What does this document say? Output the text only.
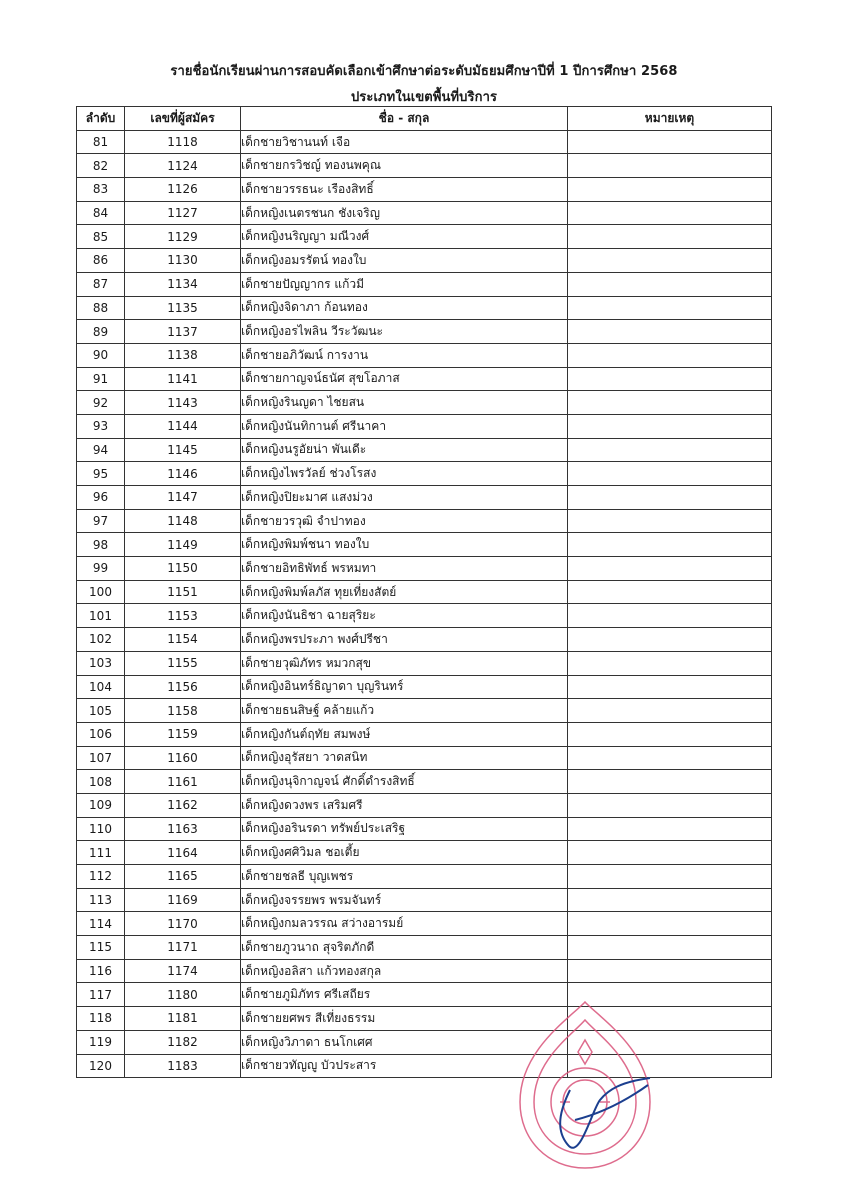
รายชื่อนักเรียนผ่านการสอบคัดเลือกเข้าศึกษาต่อระดับมัธยมศึกษาปีที่ 1 ปีการศึกษา 2568
ประเภทในเขตพื้นที่บริการ
ลำดับ	เลขที่ผู้สมัคร	ชื่อ - สกุล	หมายเหตุ
81	1118	เด็กชายวิชานนท์ เจือ	
82	1124	เด็กชายกรวิชญ์ ทองนพคุณ	
83	1126	เด็กชายวรรธนะ เรืองสิทธิ์	
84	1127	เด็กหญิงเนตรชนก ชังเจริญ	
85	1129	เด็กหญิงนริญญา มณีวงศ์	
86	1130	เด็กหญิงอมรรัตน์ ทองใบ	
87	1134	เด็กชายปัญญากร แก้วมี	
88	1135	เด็กหญิงจิดาภา ก้อนทอง	
89	1137	เด็กหญิงอรไพลิน วีระวัฒนะ	
90	1138	เด็กชายอภิวัฒน์ การงาน	
91	1141	เด็กชายกาญจน์ธนัศ สุขโอภาส	
92	1143	เด็กหญิงรินญดา ไชยสน	
93	1144	เด็กหญิงนันทิกานต์ ศรีนาคา	
94	1145	เด็กหญิงนรูอัยน่า พันเดีะ	
95	1146	เด็กหญิงไพรวัลย์ ช่วงโรสง	
96	1147	เด็กหญิงปิยะมาศ แสงม่วง	
97	1148	เด็กชายวรวุฒิ จำปาทอง	
98	1149	เด็กหญิงพิมพ์ชนา ทองใบ	
99	1150	เด็กชายอิทธิพัทธ์ พรหมทา	
100	1151	เด็กหญิงพิมพ์ลภัส ทุยเที่ยงสัตย์	
101	1153	เด็กหญิงนันธิชา ฉายสุริยะ	
102	1154	เด็กหญิงพรประภา พงศ์ปรีชา	
103	1155	เด็กชายวุฒิภัทร หมวกสุข	
104	1156	เด็กหญิงอินทร์ธิญาดา บุญรินทร์	
105	1158	เด็กชายธนสิษฐ์ คล้ายแก้ว	
106	1159	เด็กหญิงกันต์ฤทัย สมพงษ์	
107	1160	เด็กหญิงอุรัสยา วาดสนิท	
108	1161	เด็กหญิงนุจิกาญจน์ ศักดิ์ดำรงสิทธิ์	
109	1162	เด็กหญิงดวงพร เสริมศรี	
110	1163	เด็กหญิงอรินรดา ทรัพย์ประเสริฐ	
111	1164	เด็กหญิงศศิวิมล ชอเตี้ย	
112	1165	เด็กชายชลธี บุญเพชร	
113	1169	เด็กหญิงจรรยพร พรมจันทร์	
114	1170	เด็กหญิงกมลวรรณ สว่างอารมย์	
115	1171	เด็กชายภูวนาถ สุจริตภักดี	
116	1174	เด็กหญิงอลิสา แก้วทองสกุล	
117	1180	เด็กชายภูมิภัทร ศรีเสถียร	
118	1181	เด็กชายยศพร สีเที่ยงธรรม	
119	1182	เด็กหญิงวิภาดา ธนโกเศศ	
120	1183	เด็กชายวทัญญู บัวประสาร	
